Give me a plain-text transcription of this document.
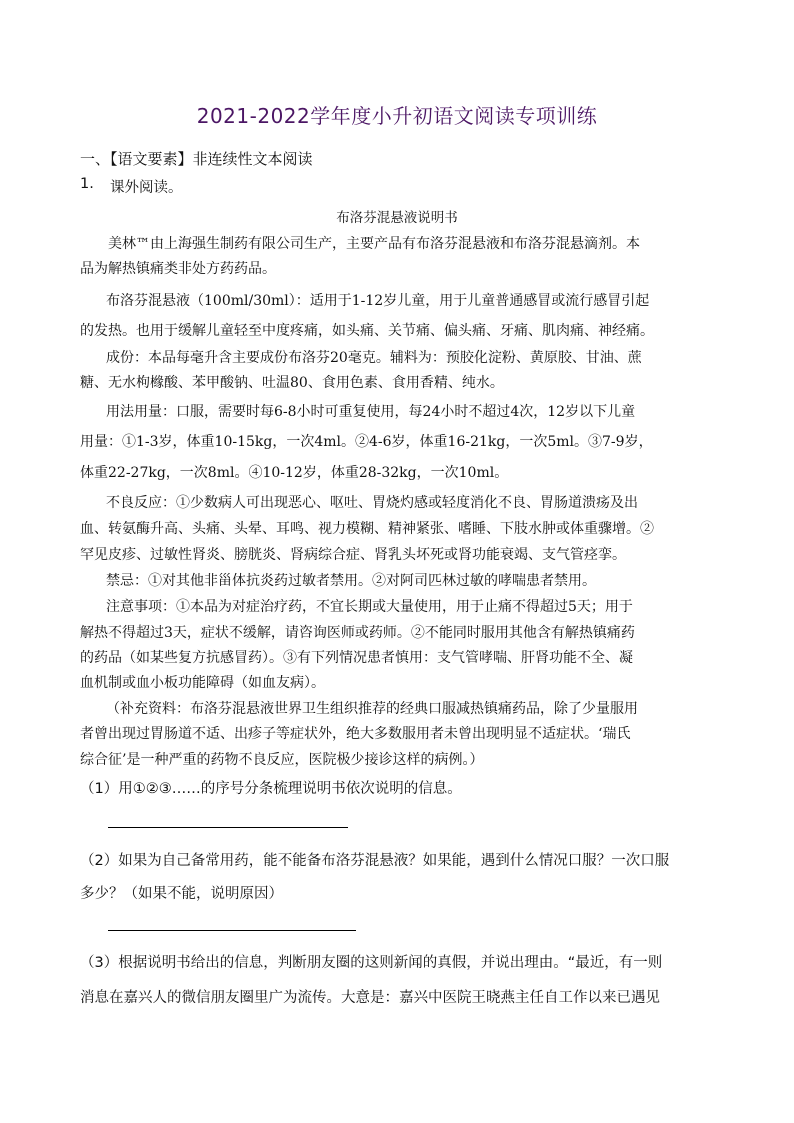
2021-2022学年度小升初语文阅读专项训练
一、【语文要素】非连续性文本阅读
1. 课外阅读。
布洛芬混悬液说明书
美林™由上海强生制药有限公司生产，主要产品有布洛芬混悬液和布洛芬混悬滴剂。本
品为解热镇痛类非处方药药品。
布洛芬混悬液（100ml/30ml）：适用于1-12岁儿童，用于儿童普通感冒或流行感冒引起
的发热。也用于缓解儿童轻至中度疼痛，如头痛、关节痛、偏头痛、牙痛、肌肉痛、神经痛。
成份：本品每毫升含主要成份布洛芬20毫克。辅料为：预胶化淀粉、黄原胶、甘油、蔗
糖、无水枸橼酸、苯甲酸钠、吐温80、食用色素、食用香精、纯水。
用法用量：口服，需要时每6-8小时可重复使用，每24小时不超过4次，12岁以下儿童
用量：①1-3岁，体重10-15kg，一次4ml。②4-6岁，体重16-21kg，一次5ml。③7-9岁，
体重22-27kg，一次8ml。④10-12岁，体重28-32kg，一次10ml。
不良反应：①少数病人可出现恶心、呕吐、胃烧灼感或轻度消化不良、胃肠道溃疡及出
血、转氨酶升高、头痛、头晕、耳鸣、视力模糊、精神紧张、嗜睡、下肢水肿或体重骤增。②
罕见皮疹、过敏性肾炎、膀胱炎、肾病综合症、肾乳头坏死或肾功能衰竭、支气管痉挛。
禁忌：①对其他非甾体抗炎药过敏者禁用。②对阿司匹林过敏的哮喘患者禁用。
注意事项：①本品为对症治疗药，不宜长期或大量使用，用于止痛不得超过5天；用于
解热不得超过3天，症状不缓解，请咨询医师或药师。②不能同时服用其他含有解热镇痛药
的药品（如某些复方抗感冒药）。③有下列情况患者慎用：支气管哮喘、肝肾功能不全、凝
血机制或血小板功能障碍（如血友病）。
（补充资料：布洛芬混悬液世界卫生组织推荐的经典口服减热镇痛药品，除了少量服用
者曾出现过胃肠道不适、出疹子等症状外，绝大多数服用者未曾出现明显不适症状。‘瑞氏
综合征’是一种严重的药物不良反应，医院极少接诊这样的病例。）
（1）用①②③……的序号分条梳理说明书依次说明的信息。
（2）如果为自己备常用药，能不能备布洛芬混悬液？如果能，遇到什么情况口服？一次口服
多少？（如果不能，说明原因）
（3）根据说明书给出的信息，判断朋友圈的这则新闻的真假，并说出理由。“最近，有一则
消息在嘉兴人的微信朋友圈里广为流传。大意是：嘉兴中医院王晓燕主任自工作以来已遇见
